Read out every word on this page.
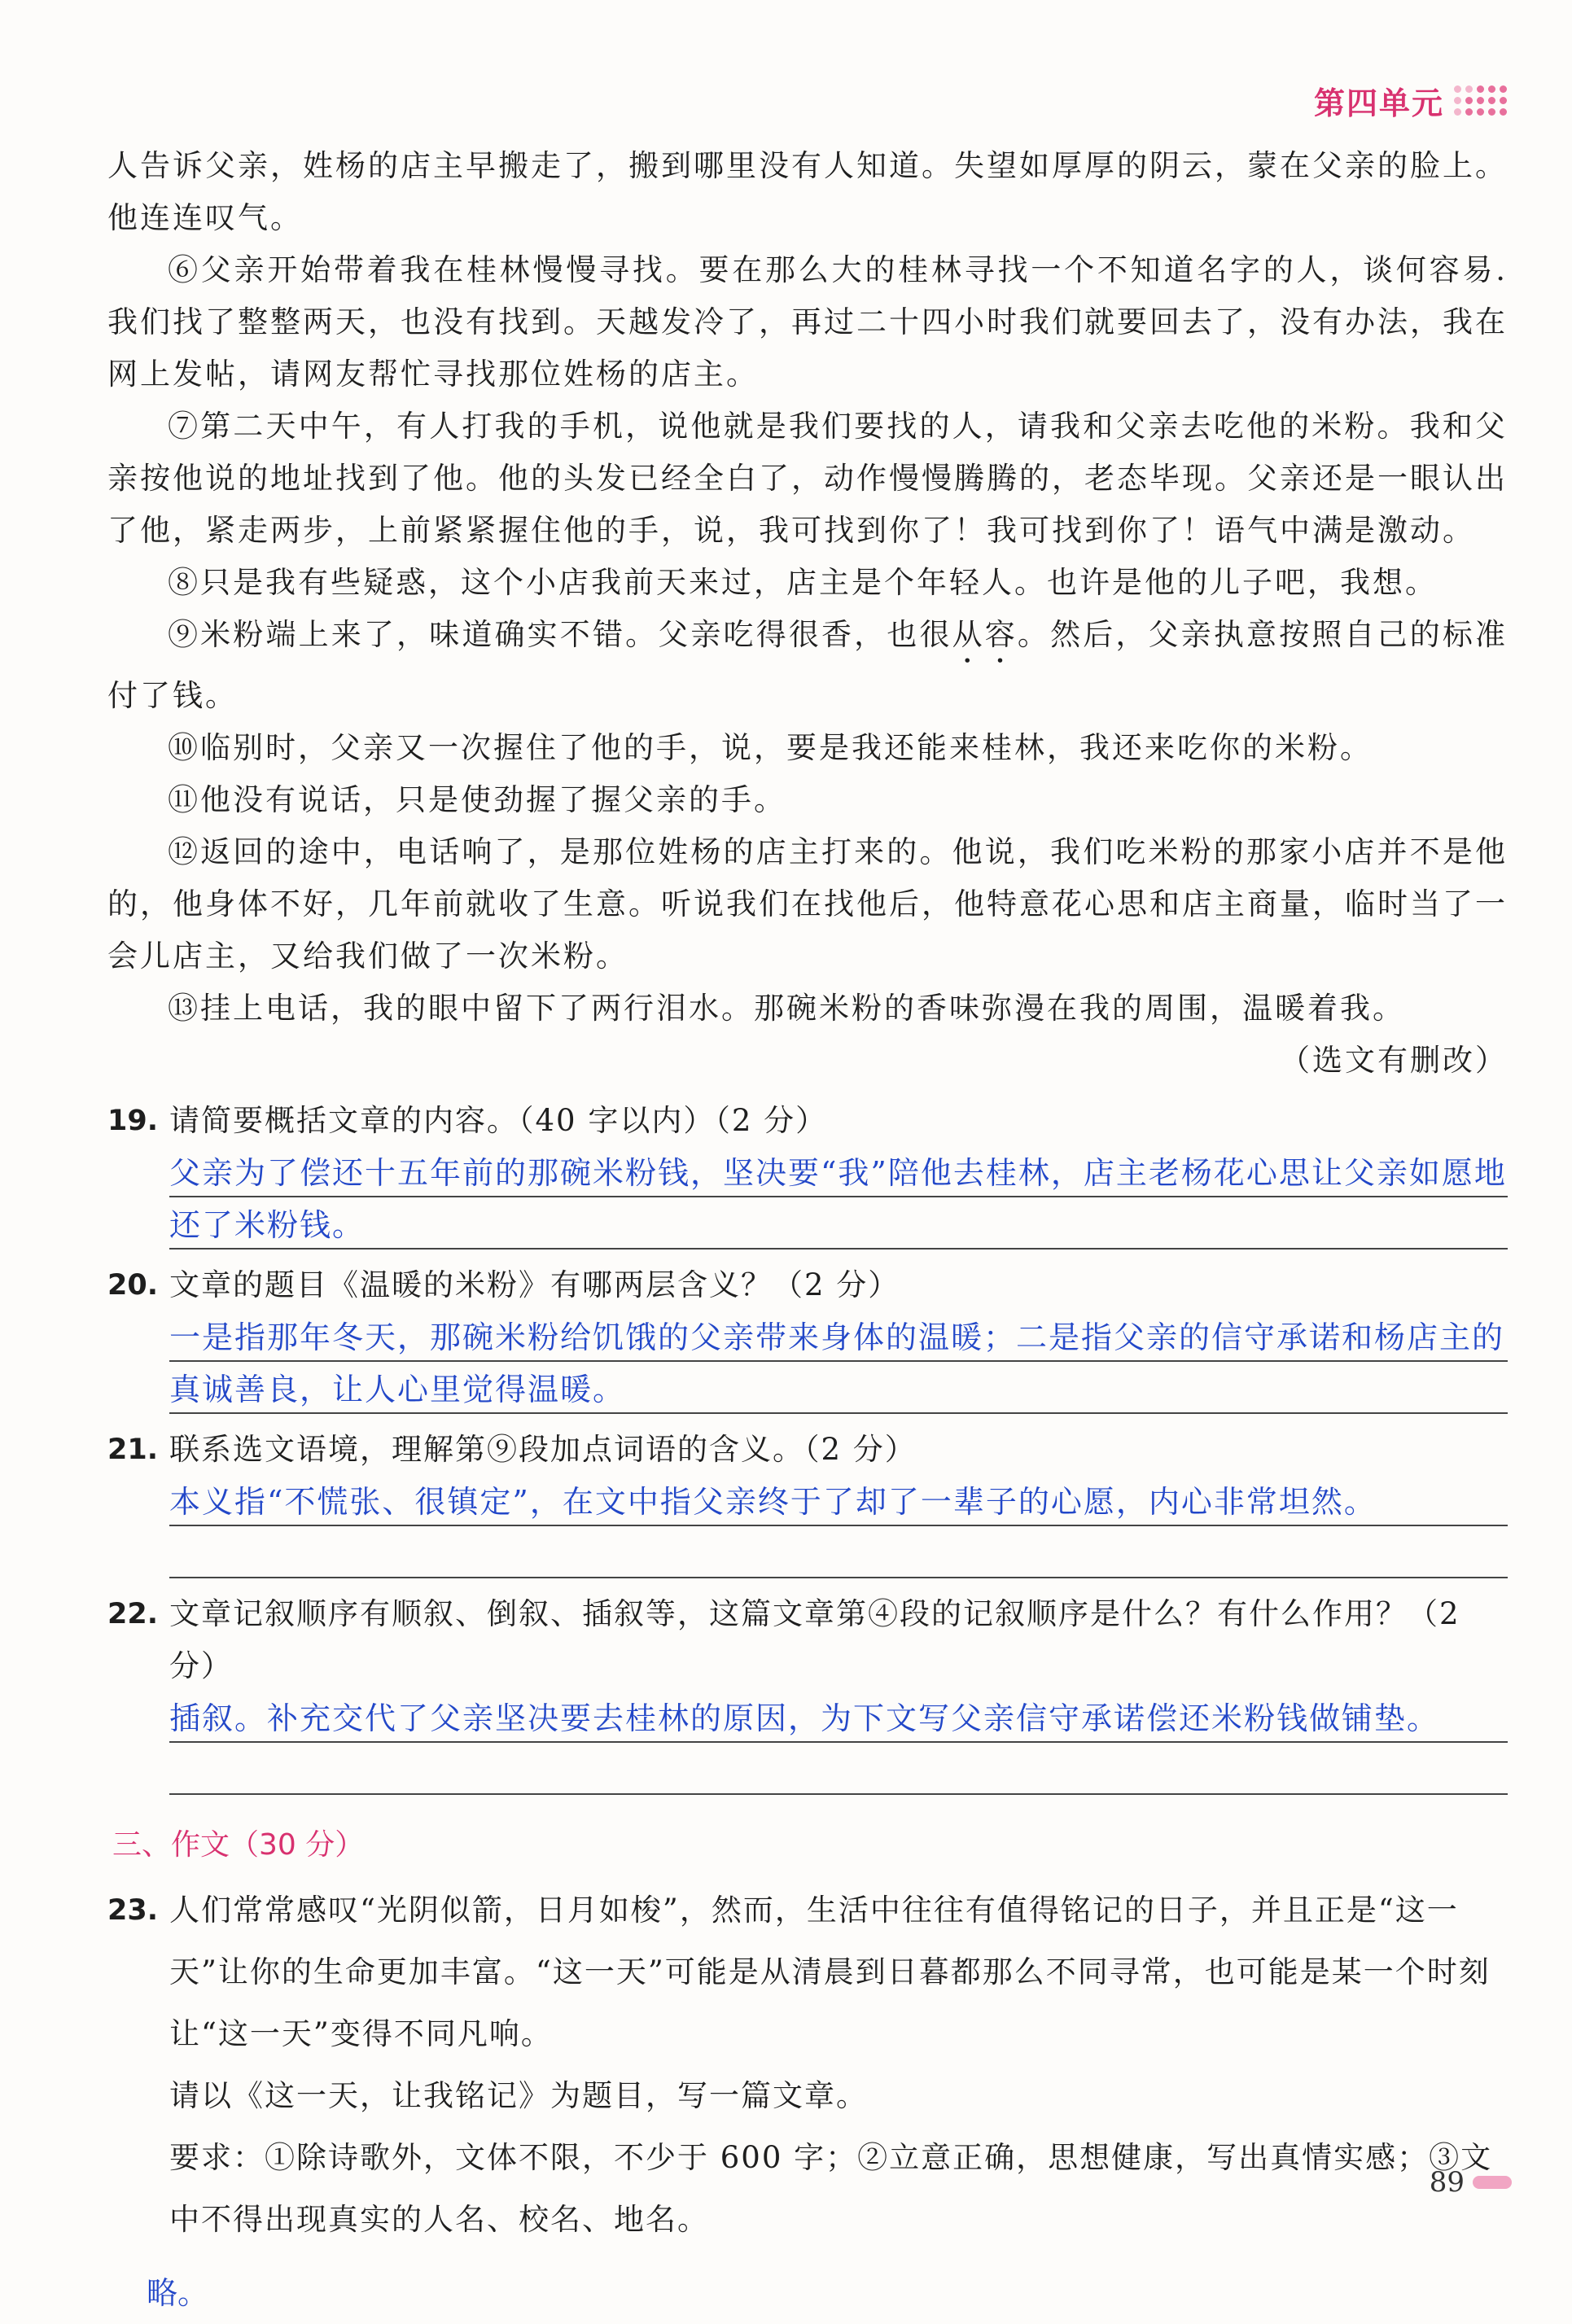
第四单元

人告诉父亲，姓杨的店主早搬走了，搬到哪里没有人知道。失望如厚厚的阴云，蒙在父亲的脸上。他连连叹气。

⑥父亲开始带着我在桂林慢慢寻找。要在那么大的桂林寻找一个不知道名字的人，谈何容易.我们找了整整两天，也没有找到。天越发冷了，再过二十四小时我们就要回去了，没有办法，我在网上发帖，请网友帮忙寻找那位姓杨的店主。

⑦第二天中午，有人打我的手机，说他就是我们要找的人，请我和父亲去吃他的米粉。我和父亲按他说的地址找到了他。他的头发已经全白了，动作慢慢腾腾的，老态毕现。父亲还是一眼认出了他，紧走两步，上前紧紧握住他的手，说，我可找到你了！我可找到你了！语气中满是激动。

⑧只是我有些疑惑，这个小店我前天来过，店主是个年轻人。也许是他的儿子吧，我想。

⑨米粉端上来了，味道确实不错。父亲吃得很香，也很从容。然后，父亲执意按照自己的标准付了钱。

⑩临别时，父亲又一次握住了他的手，说，要是我还能来桂林，我还来吃你的米粉。

⑪他没有说话，只是使劲握了握父亲的手。

⑫返回的途中，电话响了，是那位姓杨的店主打来的。他说，我们吃米粉的那家小店并不是他的，他身体不好，几年前就收了生意。听说我们在找他后，他特意花心思和店主商量，临时当了一会儿店主，又给我们做了一次米粉。

⑬挂上电话，我的眼中留下了两行泪水。那碗米粉的香味弥漫在我的周围，温暖着我。

（选文有删改）
19. 请简要概括文章的内容。（40 字以内）（2 分）
父亲为了偿还十五年前的那碗米粉钱，坚决要“我”陪他去桂林，店主老杨花心思让父亲如愿地还了米粉钱。
20. 文章的题目《温暖的米粉》有哪两层含义？（2 分）
一是指那年冬天，那碗米粉给饥饿的父亲带来身体的温暖；二是指父亲的信守承诺和杨店主的真诚善良，让人心里觉得温暖。
21. 联系选文语境，理解第⑨段加点词语的含义。（2 分）
本义指“不慌张、很镇定”，在文中指父亲终于了却了一辈子的心愿，内心非常坦然。
22. 文章记叙顺序有顺叙、倒叙、插叙等，这篇文章第④段的记叙顺序是什么？有什么作用？（2 分）
插叙。补充交代了父亲坚决要去桂林的原因，为下文写父亲信守承诺偿还米粉钱做铺垫。
三、作文（30 分）
23. 人们常常感叹“光阴似箭，日月如梭”，然而，生活中往往有值得铭记的日子，并且正是“这一天”让你的生命更加丰富。“这一天”可能是从清晨到日暮都那么不同寻常，也可能是某一个时刻让“这一天”变得不同凡响。
请以《这一天，让我铭记》为题目，写一篇文章。
要求：①除诗歌外，文体不限，不少于 600 字；②立意正确，思想健康，写出真情实感；③文中不得出现真实的人名、校名、地名。
略。
89
